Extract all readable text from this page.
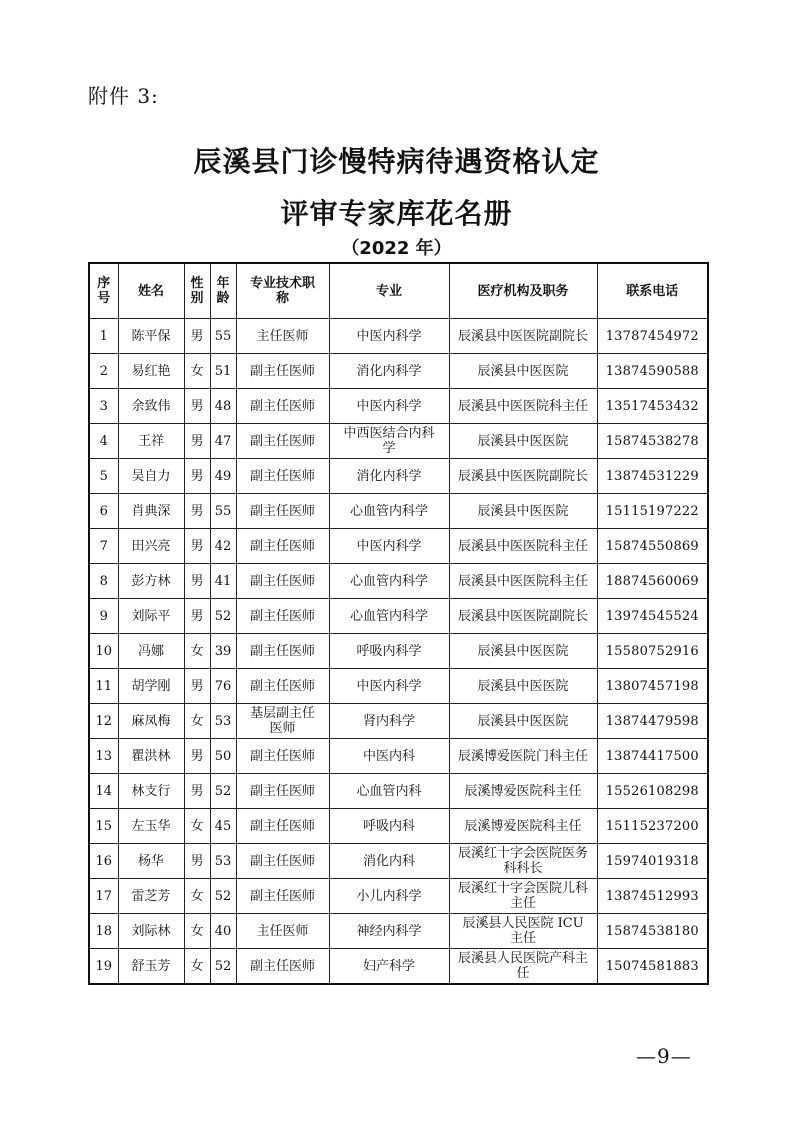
附件 3:
辰溪县门诊慢特病待遇资格认定
评审专家库花名册
（2022 年）
序号	姓名	性别	年龄	专业技术职称	专业	医疗机构及职务	联系电话
1	陈平保	男	55	主任医师	中医内科学	辰溪县中医医院副院长	13787454972
2	易红艳	女	51	副主任医师	消化内科学	辰溪县中医医院	13874590588
3	余致伟	男	48	副主任医师	中医内科学	辰溪县中医医院科主任	13517453432
4	王祥	男	47	副主任医师	中西医结合内科学	辰溪县中医医院	15874538278
5	吴自力	男	49	副主任医师	消化内科学	辰溪县中医医院副院长	13874531229
6	肖典深	男	55	副主任医师	心血管内科学	辰溪县中医医院	15115197222
7	田兴亮	男	42	副主任医师	中医内科学	辰溪县中医医院科主任	15874550869
8	彭方林	男	41	副主任医师	心血管内科学	辰溪县中医医院科主任	18874560069
9	刘际平	男	52	副主任医师	心血管内科学	辰溪县中医医院副院长	13974545524
10	冯娜	女	39	副主任医师	呼吸内科学	辰溪县中医医院	15580752916
11	胡学刚	男	76	副主任医师	中医内科学	辰溪县中医医院	13807457198
12	麻凤梅	女	53	基层副主任医师	肾内科学	辰溪县中医医院	13874479598
13	瞿洪林	男	50	副主任医师	中医内科	辰溪博爱医院门科主任	13874417500
14	林支行	男	52	副主任医师	心血管内科	辰溪博爱医院科主任	15526108298
15	左玉华	女	45	副主任医师	呼吸内科	辰溪博爱医院科主任	15115237200
16	杨华	男	53	副主任医师	消化内科	辰溪红十字会医院医务科科长	15974019318
17	雷芝芳	女	52	副主任医师	小儿内科学	辰溪红十字会医院儿科主任	13874512993
18	刘际林	女	40	主任医师	神经内科学	辰溪县人民医院 ICU 主任	15874538180
19	舒玉芳	女	52	副主任医师	妇产科学	辰溪县人民医院产科主任	15074581883
—9—
